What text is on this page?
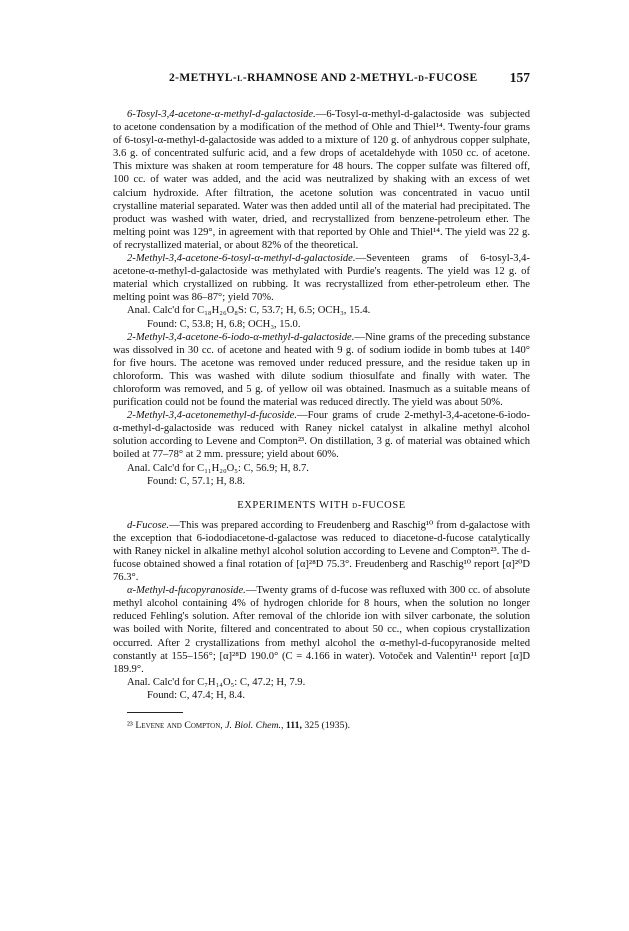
2-METHYL-l-RHAMNOSE AND 2-METHYL-d-FUCOSE 157

6-Tosyl-3,4-acetone-α-methyl-d-galactoside.—6-Tosyl-α-methyl-d-galactoside was subjected to acetone condensation by a modification of the method of Ohle and Thiel¹⁴. Twenty-four grams of 6-tosyl-α-methyl-d-galactoside was added to a mixture of 120 g. of anhydrous copper sulphate, 3.6 g. of concentrated sulfuric acid, and a few drops of acetaldehyde with 1050 cc. of acetone. This mixture was shaken at room temperature for 48 hours. The copper sulfate was filtered off, 100 cc. of water was added, and the acid was neutralized by shaking with an excess of wet calcium hydroxide. After filtration, the acetone solution was concentrated in vacuo until crystalline material separated. Water was then added until all of the material had precipitated. The product was washed with water, dried, and recrystallized from benzene-petroleum ether. The melting point was 129°, in agreement with that reported by Ohle and Thiel¹⁴. The yield was 22 g. of recrystallized material, or about 82% of the theoretical.

2-Methyl-3,4-acetone-6-tosyl-α-methyl-d-galactoside.—Seventeen grams of 6-tosyl-3,4-acetone-α-methyl-d-galactoside was methylated with Purdie's reagents. The yield was 12 g. of material which crystallized on rubbing. It was recrystallized from ether-petroleum ether. The melting point was 86–87°; yield 70%.

Anal. Calc'd for C₁₈H₂₆O₈S: C, 53.7; H, 6.5; OCH₃, 15.4.

Found: C, 53.8; H, 6.8; OCH₃, 15.0.

2-Methyl-3,4-acetone-6-iodo-α-methyl-d-galactoside.—Nine grams of the preceding substance was dissolved in 30 cc. of acetone and heated with 9 g. of sodium iodide in bomb tubes at 140° for five hours. The acetone was removed under reduced pressure, and the residue taken up in chloroform. This was washed with dilute sodium thiosulfate and finally with water. The chloroform was removed, and 5 g. of yellow oil was obtained. Inasmuch as a suitable means of purification could not be found the material was reduced directly. The yield was about 50%.

2-Methyl-3,4-acetonemethyl-d-fucoside.—Four grams of crude 2-methyl-3,4-acetone-6-iodo-α-methyl-d-galactoside was reduced with Raney nickel catalyst in alkaline methyl alcohol solution according to Levene and Compton²³. On distillation, 3 g. of material was obtained which boiled at 77–78° at 2 mm. pressure; yield about 60%.

Anal. Calc'd for C₁₁H₂₀O₅: C, 56.9; H, 8.7.

Found: C, 57.1; H, 8.8.

EXPERIMENTS WITH d-FUCOSE

d-Fucose.—This was prepared according to Freudenberg and Raschig¹⁰ from d-galactose with the exception that 6-iododiacetone-d-galactose was reduced to diacetone-d-fucose catalytically with Raney nickel in alkaline methyl alcohol solution according to Levene and Compton²³. The d-fucose obtained showed a final rotation of [α]²⁸D 75.3°. Freudenberg and Raschig¹⁰ report [α]²⁰D 76.3°.

α-Methyl-d-fucopyranoside.—Twenty grams of d-fucose was refluxed with 300 cc. of absolute methyl alcohol containing 4% of hydrogen chloride for 8 hours, when the solution no longer reduced Fehling's solution. After removal of the chloride ion with silver carbonate, the solution was boiled with Norite, filtered and concentrated to about 50 cc., when copious crystallization occurred. After 2 crystallizations from methyl alcohol the α-methyl-d-fucopyranoside melted constantly at 155–156°; [α]²⁸D 190.0° (C = 4.166 in water). Votoček and Valentin¹¹ report [α]D 189.9°.

Anal. Calc'd for C₇H₁₄O₅: C, 47.2; H, 7.9.

Found: C, 47.4; H, 8.4.

²³ Levene and Compton, J. Biol. Chem., 111, 325 (1935).
